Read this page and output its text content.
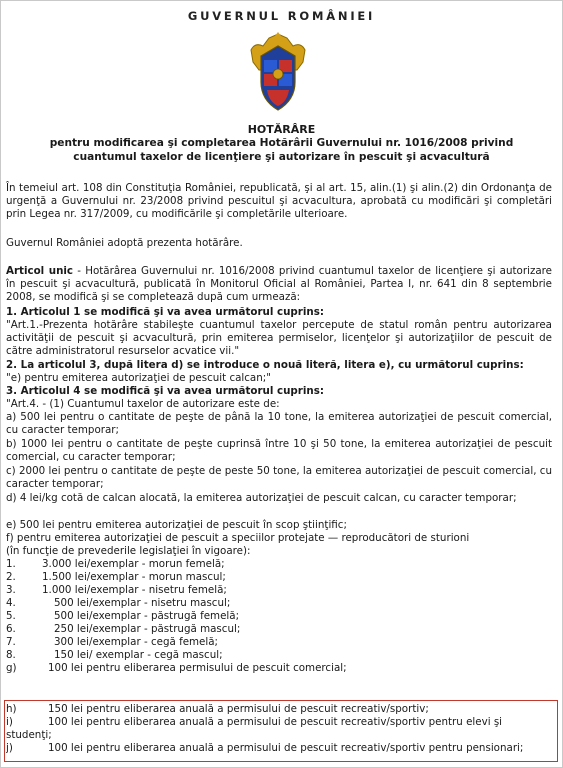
GUVERNUL ROMÂNIEI
HOTĂRÂRE
pentru modificarea şi completarea Hotărârii Guvernului nr. 1016/2008 privind cuantumul taxelor de licenţiere şi autorizare în pescuit şi acvacultură
În temeiul art. 108 din Constituţia României, republicată, şi al art. 15, alin.(1) şi alin.(2) din Ordonanţa de urgenţă a Guvernului nr. 23/2008 privind pescuitul şi acvacultura, aprobată cu modificări şi completări prin Legea nr. 317/2009, cu modificările şi completările ulterioare.
Guvernul României adoptă prezenta hotărâre.
Articol unic - Hotărârea Guvernului nr. 1016/2008 privind cuantumul taxelor de licenţiere şi autorizare în pescuit şi acvacultură, publicată în Monitorul Oficial al României, Partea I, nr. 641 din 8 septembrie 2008, se modifică şi se completează după cum urmează:
1. Articolul 1 se modifică şi va avea următorul cuprins:
"Art.1.-Prezenta hotărâre stabileşte cuantumul taxelor percepute de statul român pentru autorizarea activităţii de pescuit şi acvacultură, prin emiterea permiselor, licenţelor şi autorizaţiilor de pescuit de către administratorul resurselor acvatice vii."
2. La articolul 3, după litera d) se introduce o nouă literă, litera e), cu următorul cuprins:
"e) pentru emiterea autorizaţiei de pescuit calcan;"
3. Articolul 4 se modifică şi va avea următorul cuprins:
"Art.4. - (1) Cuantumul taxelor de autorizare este de:
a) 500 lei pentru o cantitate de peşte de până la 10 tone, la emiterea autorizaţiei de pescuit comercial, cu caracter temporar;
b) 1000 lei pentru o cantitate de peşte cuprinsă între 10 şi 50 tone, la emiterea autorizaţiei de pescuit comercial, cu caracter temporar;
c) 2000 lei pentru o cantitate de peşte de peste 50 tone, la emiterea autorizaţiei de pescuit comercial, cu caracter temporar;
d) 4 lei/kg cotă de calcan alocată, la emiterea autorizaţiei de pescuit calcan, cu caracter temporar;
e) 500 lei pentru emiterea autorizaţiei de pescuit în scop ştiinţific;
f) pentru emiterea autorizaţiei de pescuit a speciilor protejate — reproducători de sturioni
(în funcţie de prevederile legislaţiei în vigoare):
1.	3.000 lei/exemplar - morun femelă;
2.	1.500 lei/exemplar - morun mascul;
3.	1.000 lei/exemplar - nisetru femelă;
4.	500 lei/exemplar - nisetru mascul;
5.	500 lei/exemplar - păstrugă femelă;
6.	250 lei/exemplar - păstrugă mascul;
7.	300 lei/exemplar - cegă femelă;
8.	150 lei/ exemplar - cegă mascul;
g)	100 lei pentru eliberarea permisului de pescuit comercial;
h)	150 lei pentru eliberarea anuală a permisului de pescuit recreativ/sportiv;
i)	100 lei pentru eliberarea anuală a permisului de pescuit recreativ/sportiv pentru elevi şi
studenţi;
j)	100 lei pentru eliberarea anuală a permisului de pescuit recreativ/sportiv pentru pensionari;
